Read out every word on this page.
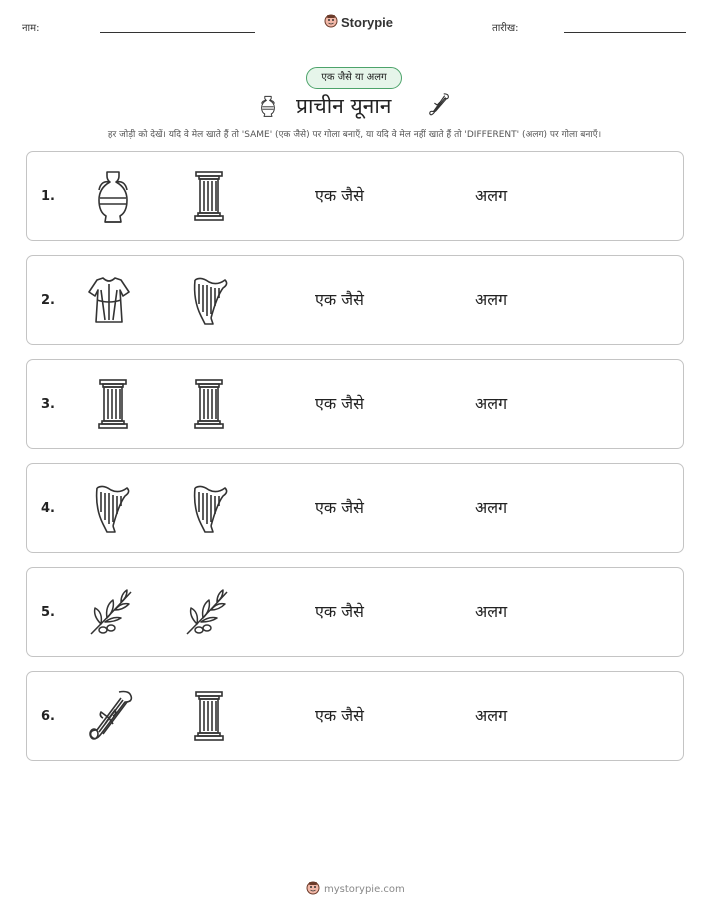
नाम:	Storypie	तारीख:
एक जैसे या अलग
प्राचीन यूनान
हर जोड़ी को देखें। यदि वे मेल खाते हैं तो 'SAME' (एक जैसे) पर गोला बनाएँ, या यदि वे मेल नहीं खाते हैं तो 'DIFFERENT' (अलग) पर गोला बनाएँ।
1.	एक जैसे	अलग
2.	एक जैसे	अलग
3.	एक जैसे	अलग
4.	एक जैसे	अलग
5.	एक जैसे	अलग
6.	एक जैसे	अलग
mystorypie.com
